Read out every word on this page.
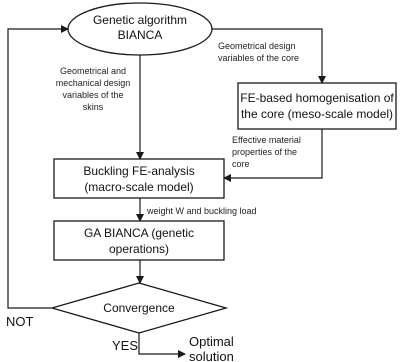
Genetic algorithm
BIANCA
FE-based homogenisation of
the core (meso-scale model)
Buckling FE-analysis
(macro-scale model)
GA BIANCA (genetic
operations)
Convergence
Geometrical design
variables of the core
Geometrical and
mechanical design
variables of the
skins
Effective material
properties of the
core
weight W and buckling load
NOT
YES	Optimal
solution
